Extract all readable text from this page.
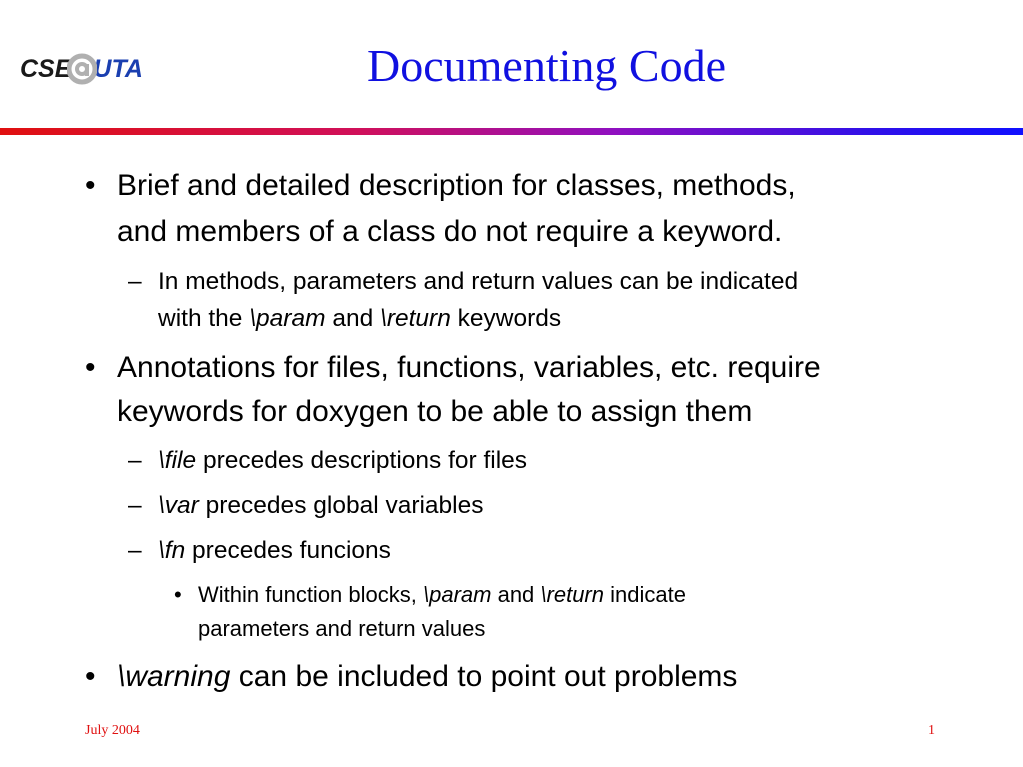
CSE UTA	Documenting Code
• Brief and detailed description for classes, methods,
and members of a class do not require a keyword.
– In methods, parameters and return values can be indicated
with the \param and \return keywords
• Annotations for files, functions, variables, etc. require
keywords for doxygen to be able to assign them
– \file precedes descriptions for files
– \var precedes global variables
– \fn precedes funcions
• Within function blocks, \param and \return indicate
parameters and return values
• \warning can be included to point out problems
July 2004	1
